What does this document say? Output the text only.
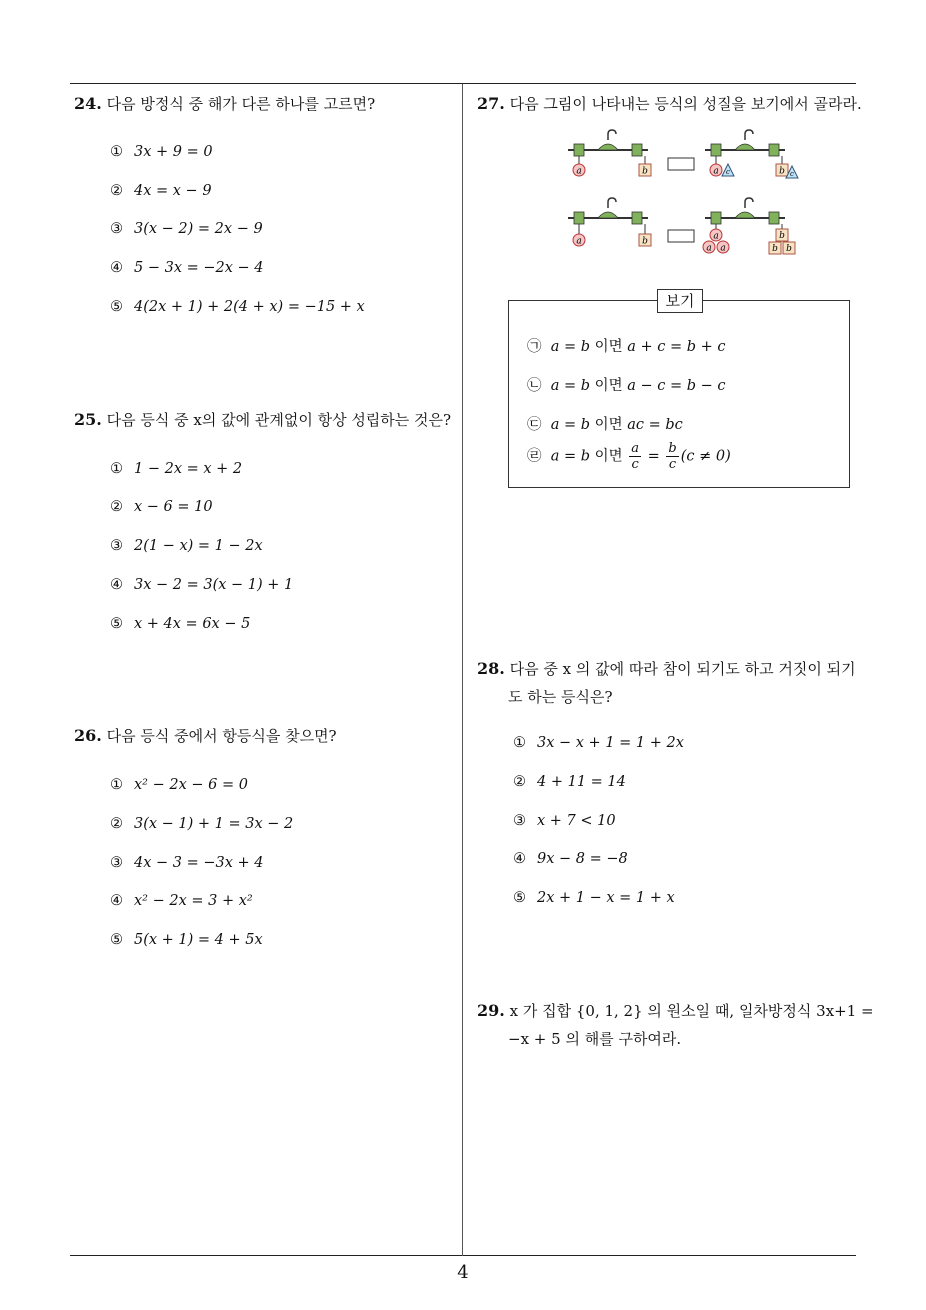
24. 다음 방정식 중 해가 다른 하나를 고르면?
① 3x + 9 = 0
② 4x = x − 9
③ 3(x − 2) = 2x − 9
④ 5 − 3x = −2x − 4
⑤ 4(2x + 1) + 2(4 + x) = −15 + x
25. 다음 등식 중 x의 값에 관계없이 항상 성립하는 것은?
① 1 − 2x = x + 2
② x − 6 = 10
③ 2(1 − x) = 1 − 2x
④ 3x − 2 = 3(x − 1) + 1
⑤ x + 4x = 6x − 5
26. 다음 등식 중에서 항등식을 찾으면?
① x² − 2x − 6 = 0
② 3(x − 1) + 1 = 3x − 2
③ 4x − 3 = −3x + 4
④ x² − 2x = 3 + x²
⑤ 5(x + 1) = 4 + 5x
27. 다음 그림이 나타내는 등식의 성질을 보기에서 골라라.
a	b	a c	b c
a	b	a
a a
b
b b
보기
㉠ a = b 이면 a + c = b + c
㉡ a = b 이면 a − c = b − c
㉢ a = b 이면 ac = bc
㉣ a = b 이면 $\frac{a}{c} = \frac{b}{c} (c \ne 0)$
28. 다음 중 x 의 값에 따라 참이 되기도 하고 거짓이 되기
도 하는 등식은?
① 3x − x + 1 = 1 + 2x
② 4 + 11 = 14
③ x + 7 < 10
④ 9x − 8 = −8
⑤ 2x + 1 − x = 1 + x
29. x 가 집합 {0, 1, 2} 의 원소일 때, 일차방정식 3x+1 =
−x + 5 의 해를 구하여라.
4
